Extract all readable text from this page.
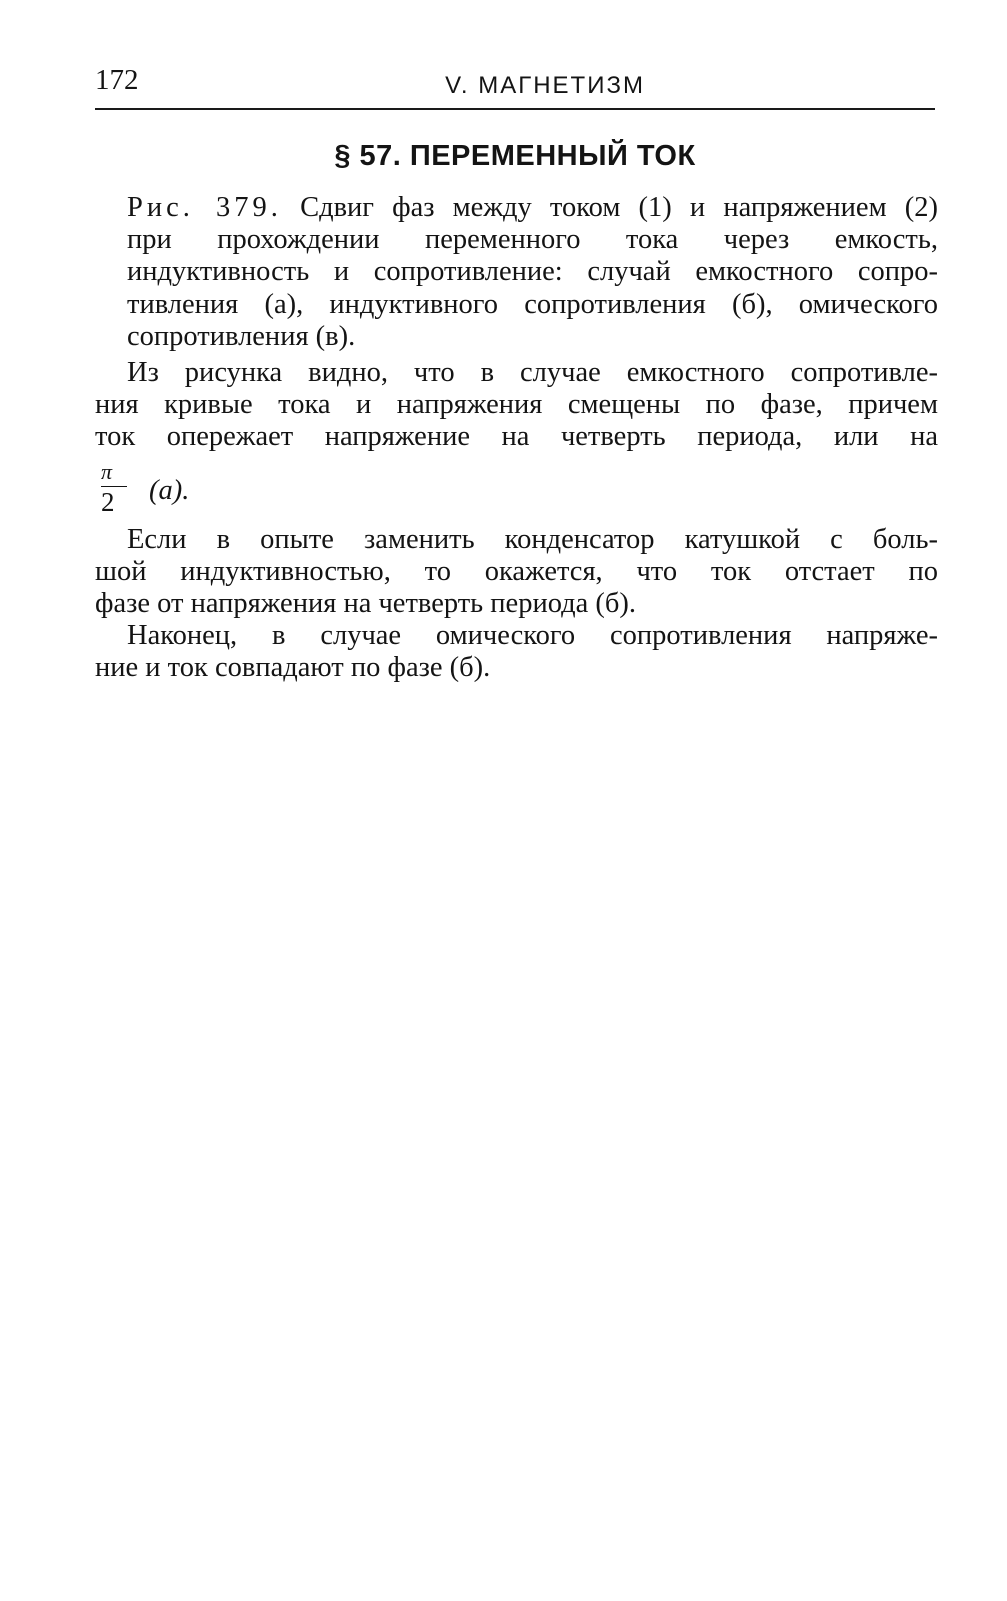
172	V. МАГНЕТИЗМ
§ 57. ПЕРЕМЕННЫЙ ТОК
Рис. 379. Сдвиг фаз между током (1) и напряжением (2)
при прохождении переменного тока через емкость,
индуктивность и сопротивление: случай емкостного сопро-
тивления (а), индуктивного сопротивления (б), омического
сопротивления (в).
Из рисунка видно, что в случае емкостного сопротивле-
ния кривые тока и напряжения смещены по фазе, причем
ток опережает напряжение на четверть периода, или на
π
2	(а).
Если в опыте заменить конденсатор катушкой с боль-
шой индуктивностью, то окажется, что ток отстает по
фазе от напряжения на четверть периода (б).
Наконец, в случае омического сопротивления напряже-
ние и ток совпадают по фазе (б).
